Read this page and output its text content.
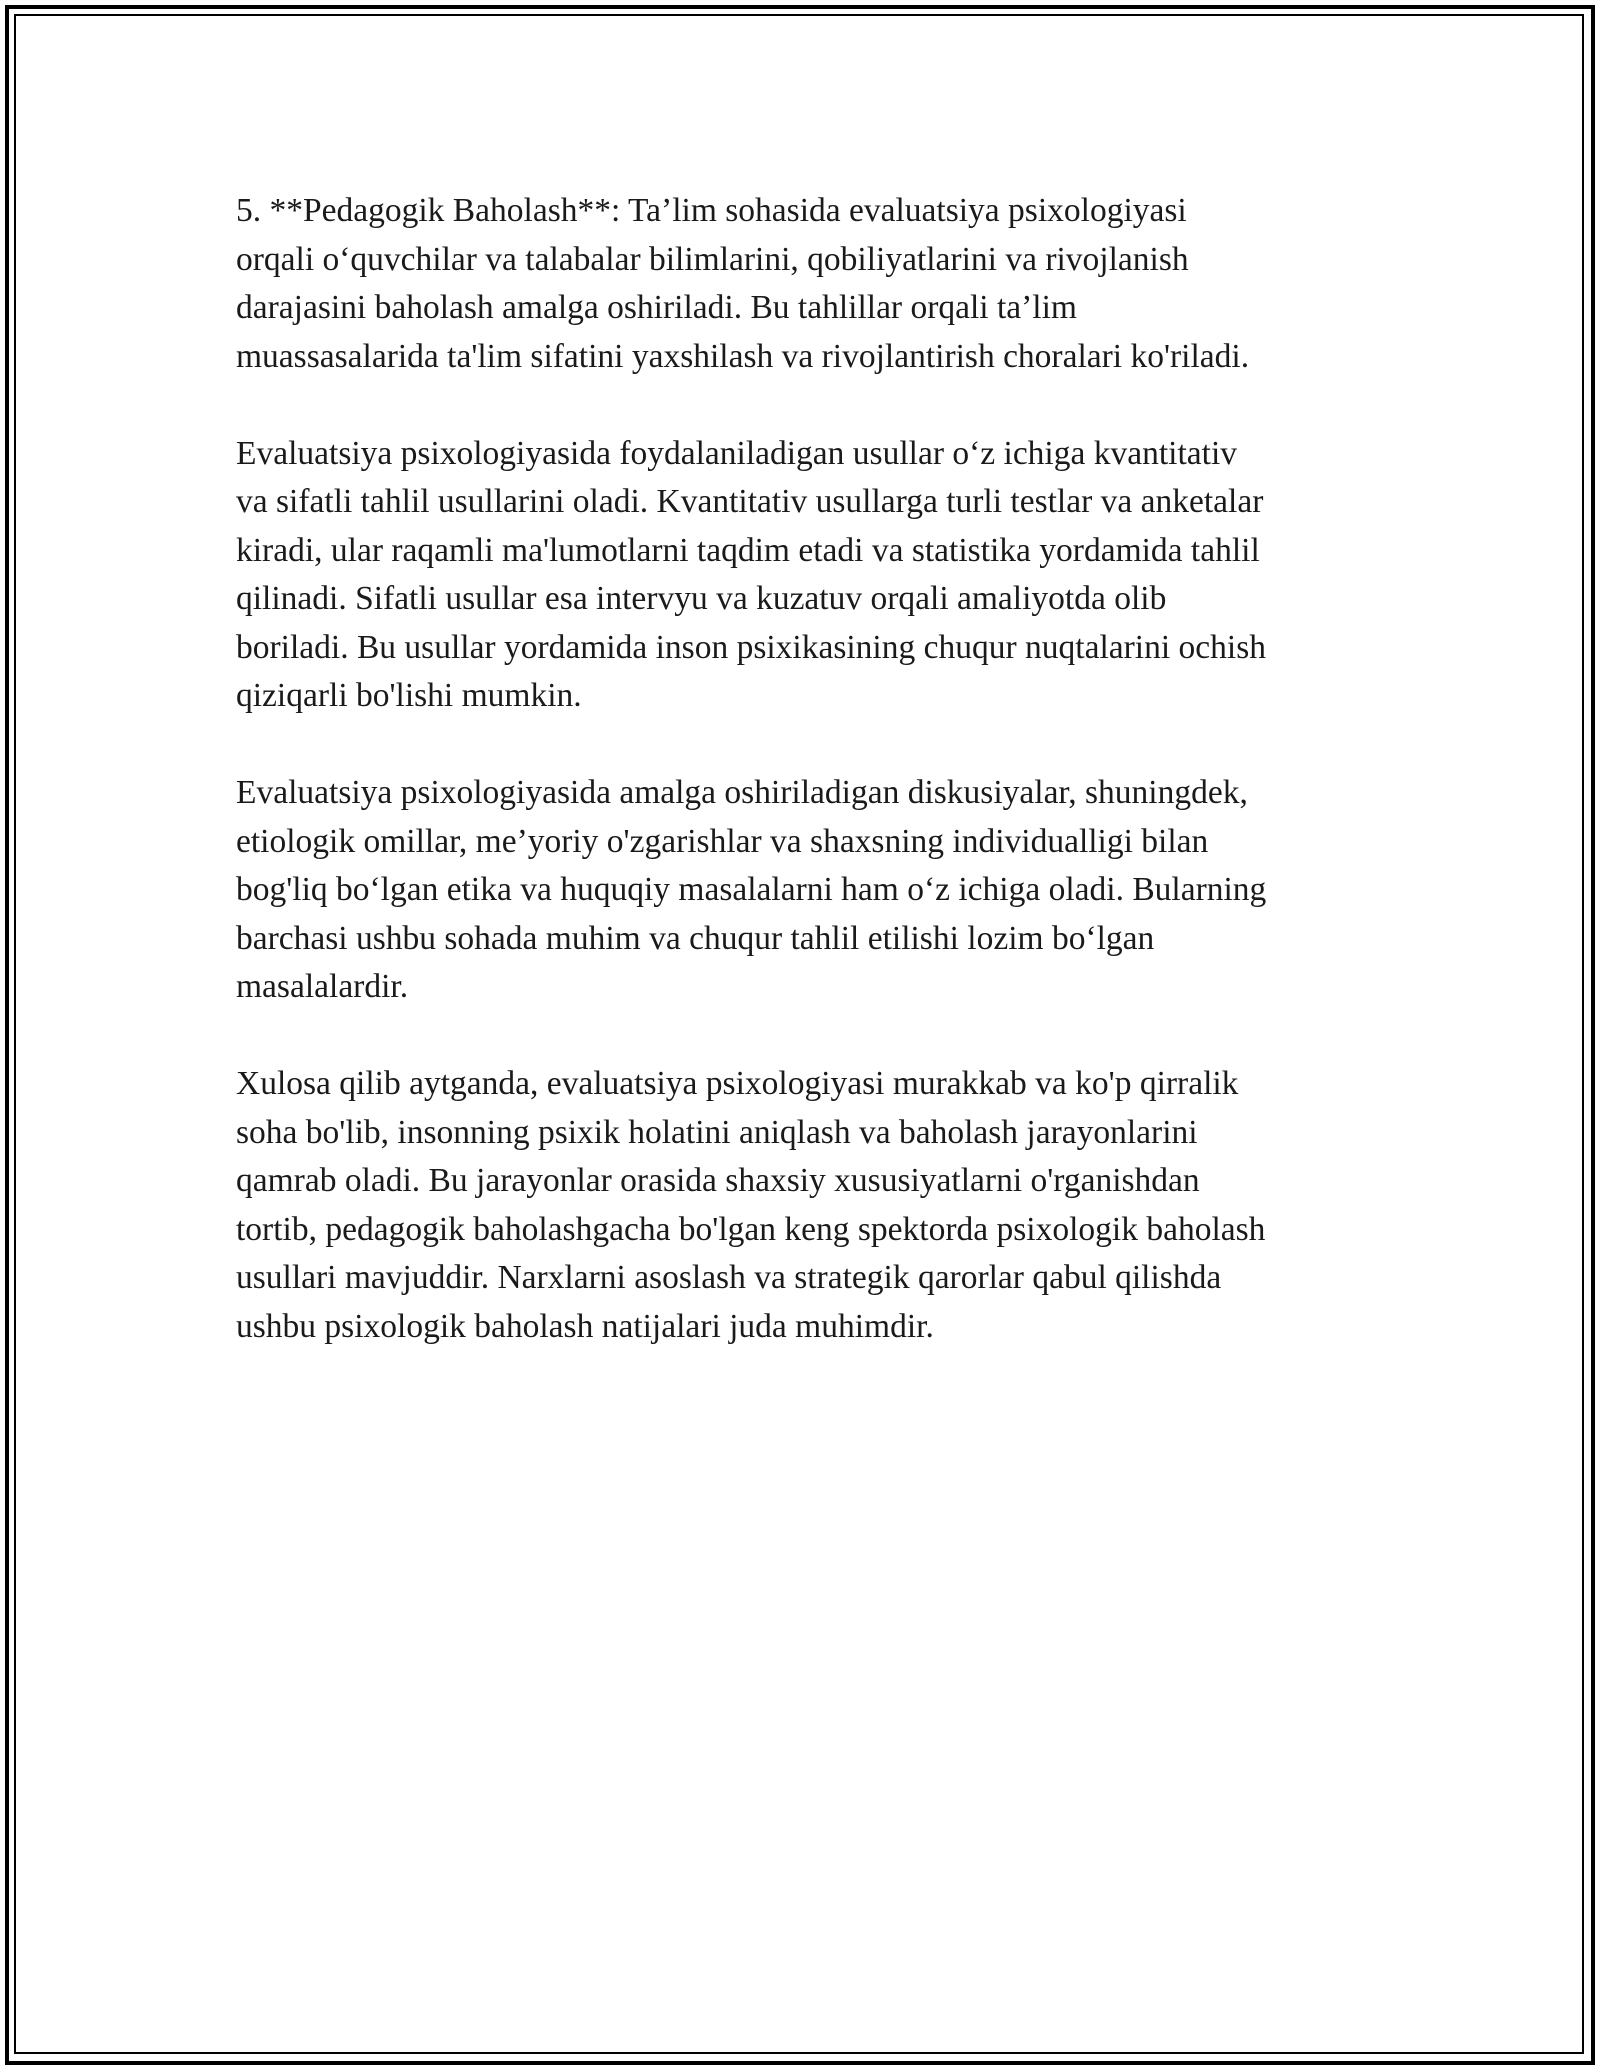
5. **Pedagogik Baholash**: Ta’lim sohasida evaluatsiya psixologiyasi
orqali oʻquvchilar va talabalar bilimlarini, qobiliyatlarini va rivojlanish
darajasini baholash amalga oshiriladi. Bu tahlillar orqali ta’lim
muassasalarida ta'lim sifatini yaxshilash va rivojlantirish choralari ko'riladi.

Evaluatsiya psixologiyasida foydalaniladigan usullar oʻz ichiga kvantitativ
va sifatli tahlil usullarini oladi. Kvantitativ usullarga turli testlar va anketalar
kiradi, ular raqamli ma'lumotlarni taqdim etadi va statistika yordamida tahlil
qilinadi. Sifatli usullar esa intervyu va kuzatuv orqali amaliyotda olib
boriladi. Bu usullar yordamida inson psixikasining chuqur nuqtalarini ochish
qiziqarli bo'lishi mumkin.

Evaluatsiya psixologiyasida amalga oshiriladigan diskusiyalar, shuningdek,
etiologik omillar, me’yoriy o'zgarishlar va shaxsning individualligi bilan
bog'liq boʻlgan etika va huquqiy masalalarni ham oʻz ichiga oladi. Bularning
barchasi ushbu sohada muhim va chuqur tahlil etilishi lozim boʻlgan
masalalardir.

Xulosa qilib aytganda, evaluatsiya psixologiyasi murakkab va ko'p qirralik
soha bo'lib, insonning psixik holatini aniqlash va baholash jarayonlarini
qamrab oladi. Bu jarayonlar orasida shaxsiy xususiyatlarni o'rganishdan
tortib, pedagogik baholashgacha bo'lgan keng spektorda psixologik baholash
usullari mavjuddir. Narxlarni asoslash va strategik qarorlar qabul qilishda
ushbu psixologik baholash natijalari juda muhimdir.
